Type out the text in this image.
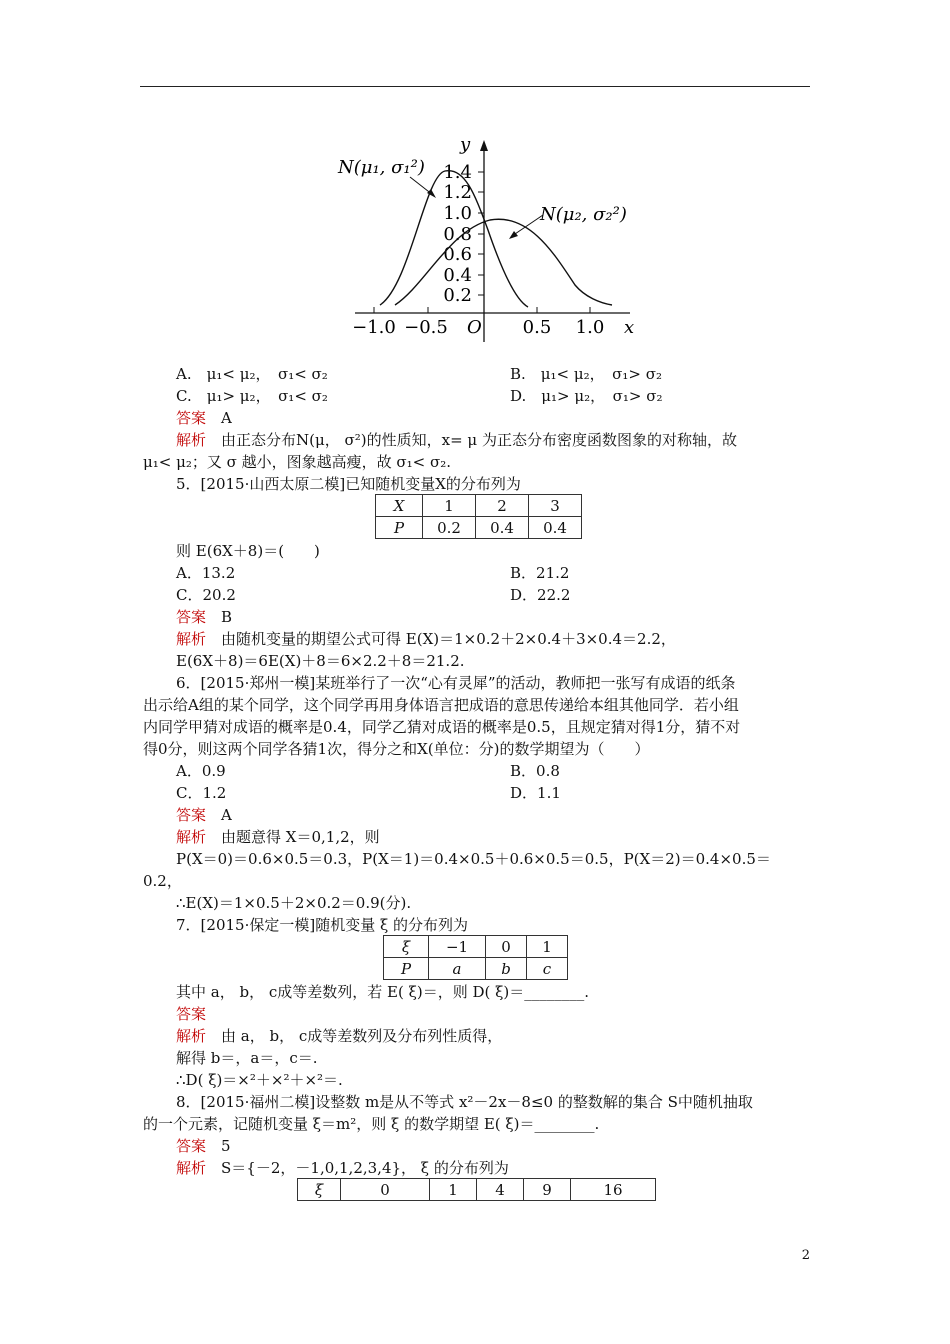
1.4
1.2
1.0
0.8
0.6
0.4
0.2
−1.0 −0.5	0.5 1.0
O	x
y
N(μ₁, σ₁²)
N(μ₂, σ₂²)
A.　μ₁< μ₂，　σ₁< σ₂	B.　μ₁< μ₂，　σ₁> σ₂
C.　μ₁> μ₂，　σ₁< σ₂	D.　μ₁> μ₂，　σ₁> σ₂
答案　 A
解析　 由正态分布N(μ， σ²)的性质知，x= μ 为正态分布密度函数图象的对称轴，故
μ₁< μ₂；又 σ 越小，图象越高瘦，故 σ₁< σ₂.
5．[2015·山西太原二模]已知随机变量X的分布列为
X	1	2	3
P	0.2	0.4	0.4
则 E(6X＋8)＝(　　)
A．13.2	B．21.2
C．20.2	D．22.2
答案　 B
解析　 由随机变量的期望公式可得 E(X)＝1×0.2＋2×0.4＋3×0.4＝2.2，
E(6X＋8)＝6E(X)＋8＝6×2.2＋8＝21.2.
6．[2015·郑州一模]某班举行了一次“心有灵犀”的活动，教师把一张写有成语的纸条
出示给A组的某个同学，这个同学再用身体语言把成语的意思传递给本组其他同学．若小组
内同学甲猜对成语的概率是0.4，同学乙猜对成语的概率是0.5，且规定猜对得1分，猜不对
得0分，则这两个同学各猜1次，得分之和X(单位：分)的数学期望为（　　）
A．0.9	B．0.8
C．1.2	D．1.1
答案　 A
解析　 由题意得 X＝0,1,2，则
P(X＝0)＝0.6×0.5＝0.3，P(X＝1)＝0.4×0.5＋0.6×0.5＝0.5，P(X＝2)＝0.4×0.5＝
0.2，
∴E(X)＝1×0.5＋2×0.2＝0.9(分).
7．[2015·保定一模]随机变量 ξ 的分布列为
ξ	−1	0	1
P	a	b	c
其中 a， b， c成等差数列，若 E( ξ)＝，则 D( ξ)＝________.
答案
解析　 由 a， b， c成等差数列及分布列性质得，
解得 b＝，a＝，c＝.
∴D( ξ)＝×²＋×²＋×²＝.
8．[2015·福州二模]设整数 m是从不等式 x²－2x－8≤0 的整数解的集合 S中随机抽取
的一个元素，记随机变量 ξ＝m²，则 ξ 的数学期望 E( ξ)＝________.
答案　 5
解析　 S＝{－2，－1,0,1,2,3,4}， ξ 的分布列为
ξ	0	1	4	9	16
2
